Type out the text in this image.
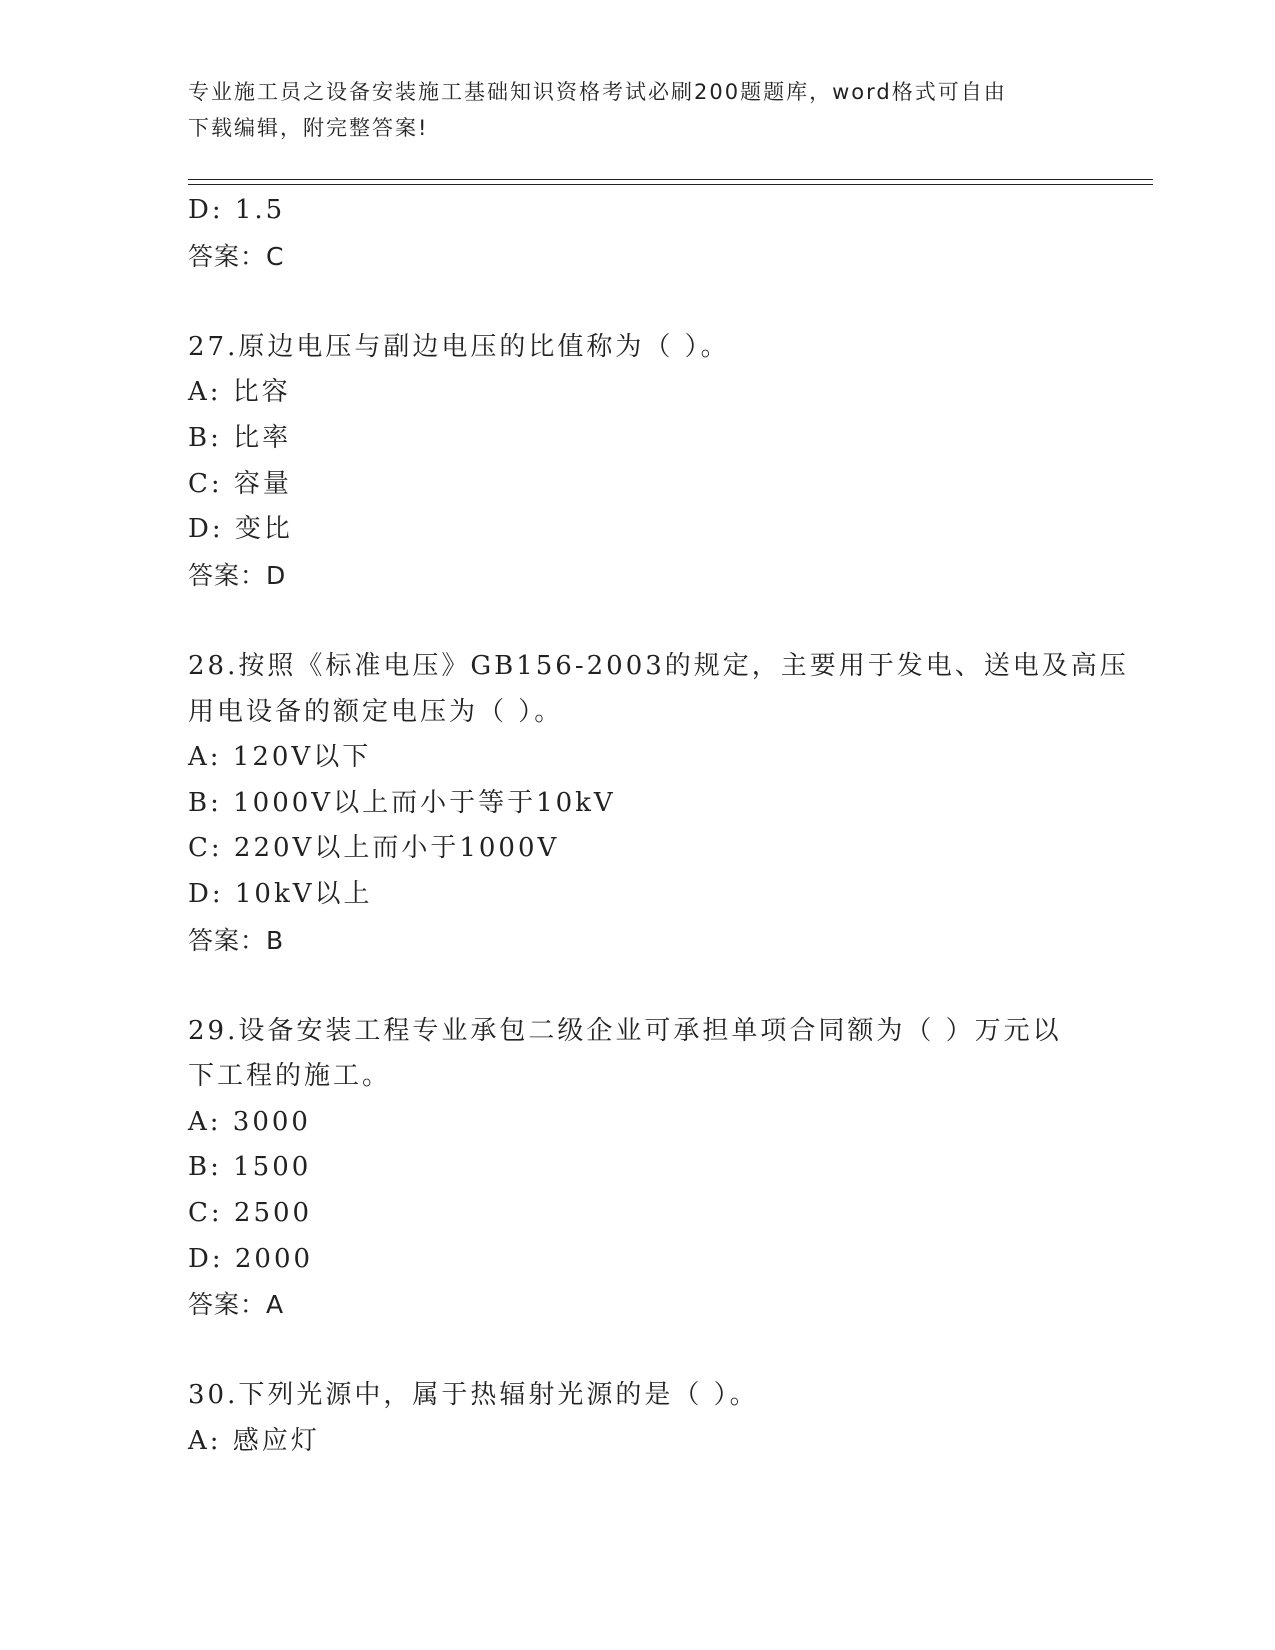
专业施工员之设备安装施工基础知识资格考试必刷200题题库，word格式可自由
下载编辑，附完整答案!
D: 1.5
答案：C
27.原边电压与副边电压的比值称为（ ）。
A: 比容
B: 比率
C: 容量
D: 变比
答案：D
28.按照《标准电压》GB156-2003的规定，主要用于发电、送电及高压
用电设备的额定电压为（ ）。
A: 120V以下
B: 1000V以上而小于等于10kV
C: 220V以上而小于1000V
D: 10kV以上
答案：B
29.设备安装工程专业承包二级企业可承担单项合同额为（ ）万元以
下工程的施工。
A: 3000
B: 1500
C: 2500
D: 2000
答案：A
30.下列光源中，属于热辐射光源的是（ ）。
A: 感应灯
